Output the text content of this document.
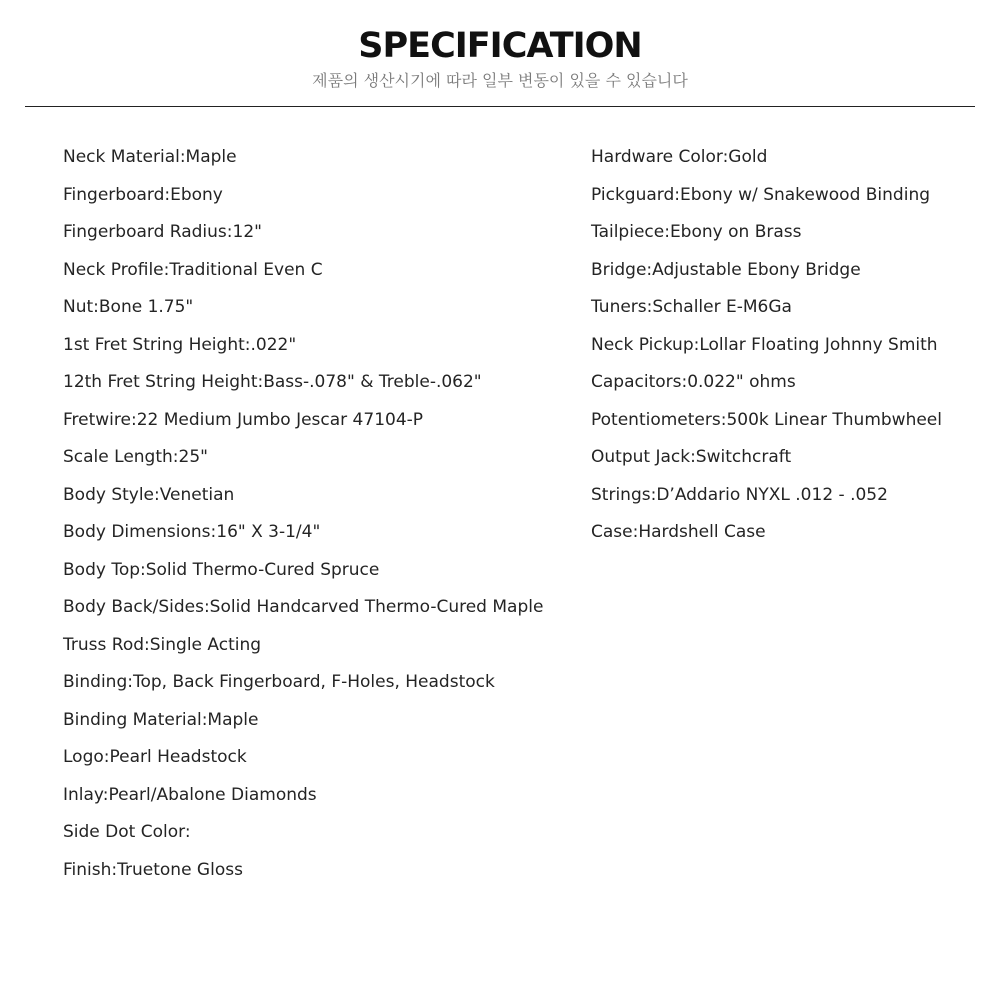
SPECIFICATION
제품의 생산시기에 따라 일부 변동이 있을 수 있습니다
Neck Material:Maple
Fingerboard:Ebony
Fingerboard Radius:12"
Neck Profile:Traditional Even C
Nut:Bone 1.75"
1st Fret String Height:.022"
12th Fret String Height:Bass-.078" & Treble-.062"
Fretwire:22 Medium Jumbo Jescar 47104-P
Scale Length:25"
Body Style:Venetian
Body Dimensions:16" X 3-1/4"
Body Top:Solid Thermo-Cured Spruce
Body Back/Sides:Solid Handcarved Thermo-Cured Maple
Truss Rod:Single Acting
Binding:Top, Back Fingerboard, F-Holes, Headstock
Binding Material:Maple
Logo:Pearl Headstock
Inlay:Pearl/Abalone Diamonds
Side Dot Color:
Finish:Truetone Gloss
Hardware Color:Gold
Pickguard:Ebony w/ Snakewood Binding
Tailpiece:Ebony on Brass
Bridge:Adjustable Ebony Bridge
Tuners:Schaller E-M6Ga
Neck Pickup:Lollar Floating Johnny Smith
Capacitors:0.022" ohms
Potentiometers:500k Linear Thumbwheel
Output Jack:Switchcraft
Strings:D’Addario NYXL .012 - .052
Case:Hardshell Case
